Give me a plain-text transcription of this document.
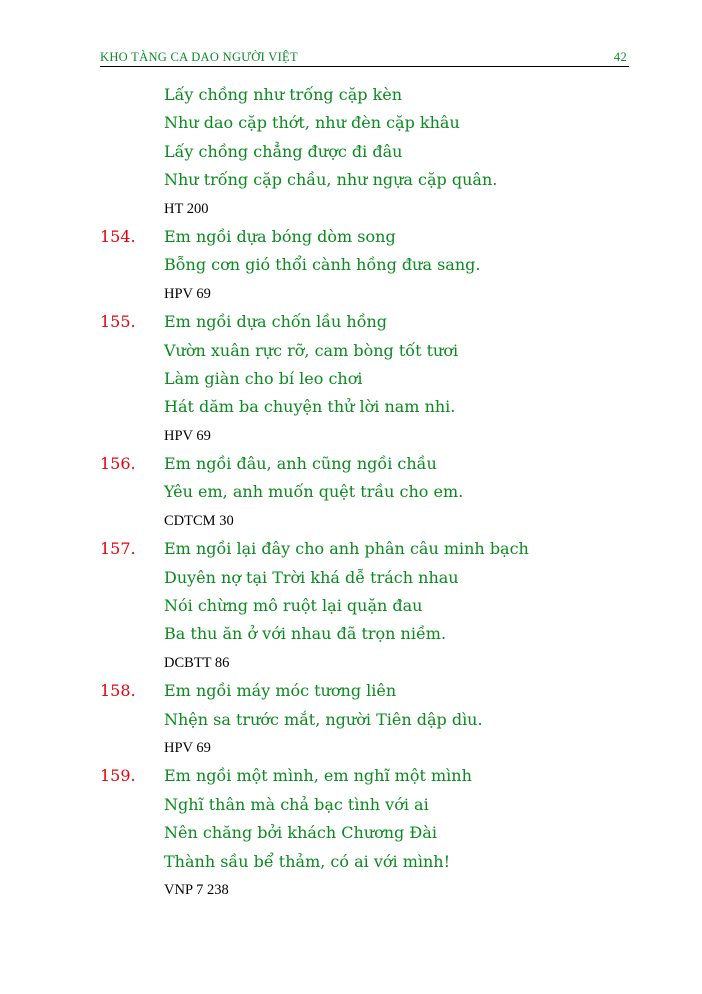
KHO TÀNG CA DAO NGƯỜI VIỆT	42
Lấy chồng như trống cặp kèn
Như dao cặp thớt, như đèn cặp khâu
Lấy chồng chẳng được đi đâu
Như trống cặp chầu, như ngựa cặp quân.
HT 200
154. Em ngồi dựa bóng dòm song
Bỗng cơn gió thổi cành hồng đưa sang.
HPV 69
155. Em ngồi dựa chốn lầu hồng
Vườn xuân rực rỡ, cam bòng tốt tươi
Làm giàn cho bí leo chơi
Hát dăm ba chuyện thử lời nam nhi.
HPV 69
156. Em ngồi đâu, anh cũng ngồi chầu
Yêu em, anh muốn quệt trầu cho em.
CDTCM 30
157. Em ngồi lại đây cho anh phân câu minh bạch
Duyên nợ tại Trời khá dễ trách nhau
Nói chừng mô ruột lại quặn đau
Ba thu ăn ở với nhau đã trọn niềm.
DCBTT 86
158. Em ngồi máy móc tương liên
Nhện sa trước mắt, người Tiên dập dìu.
HPV 69
159. Em ngồi một mình, em nghĩ một mình
Nghĩ thân mà chả bạc tình với ai
Nên chăng bởi khách Chương Đài
Thành sầu bể thảm, có ai với mình!
VNP 7 238
